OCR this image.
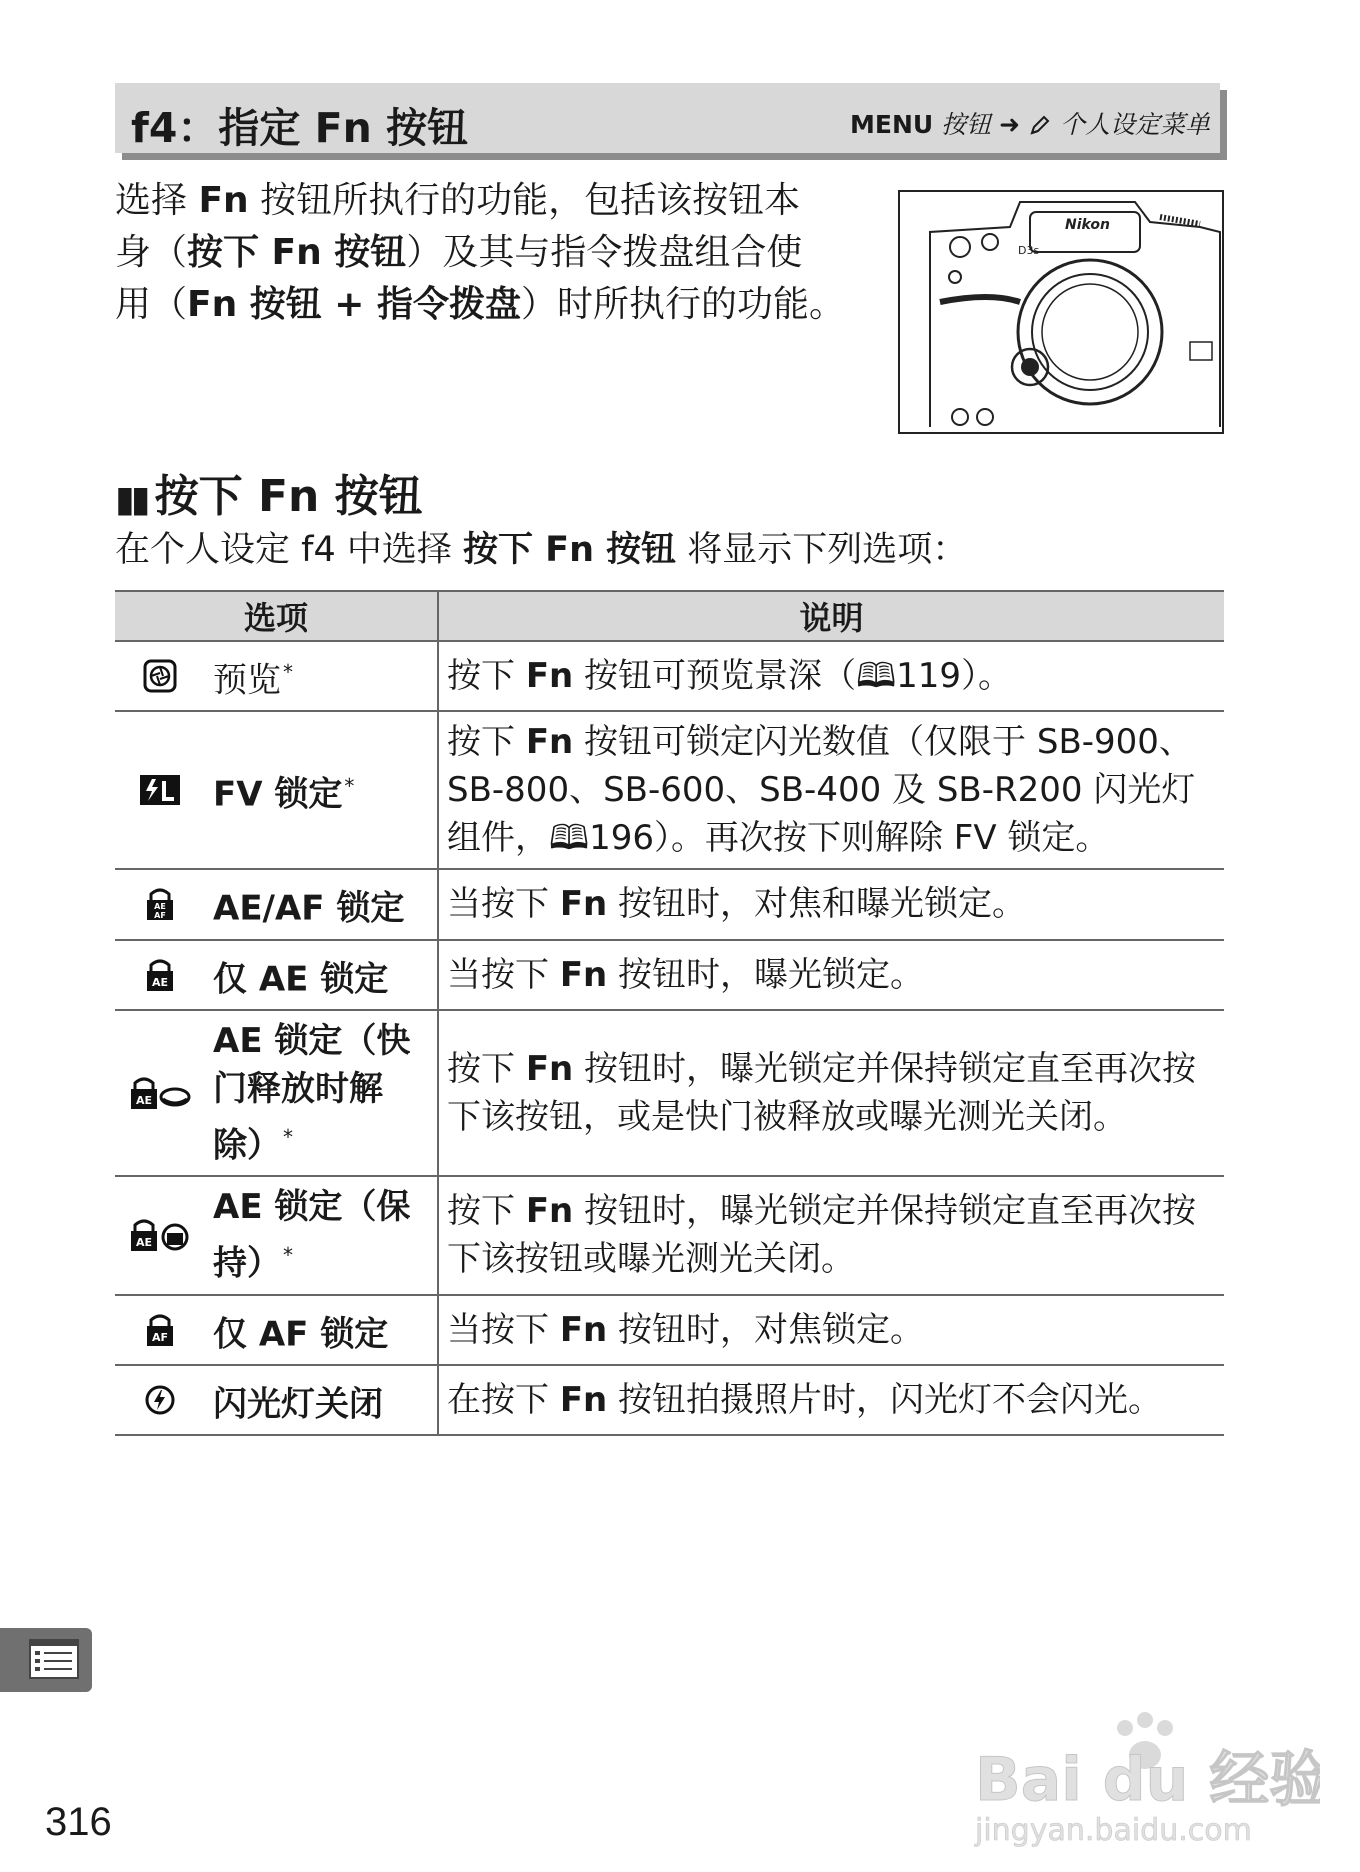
f4：指定 Fn 按钮	MENU 按钮 ➜ 个人设定菜单
选择 Fn 按钮所执行的功能，包括该按钮本
身（按下 Fn 按钮）及其与指令拨盘组合使
用（Fn 按钮 + 指令拨盘）时所执行的功能。
Nikon
D3s
▮▮ 按下 Fn 按钮
在个人设定 f4 中选择 按下 Fn 按钮 将显示下列选项：
选项		说明

	预览 *	按下 Fn 按钮可预览景深（🕮119）。

	FV 锁定 *	按下 Fn 按钮可锁定闪光数值（仅限于 SB-900、SB-800、SB-600、SB-400 及 SB-R200 闪光灯组件，🕮196）。再次按下则解除 FV 锁定。

AE
AF	AE/AF 锁定	当按下 Fn 按钮时，对焦和曝光锁定。

AE	仅 AE 锁定	当按下 Fn 按钮时，曝光锁定。

AE	AE 锁定（快门释放时解除） *	按下 Fn 按钮时，曝光锁定并保持锁定直至再次按下该按钮，或是快门被释放或曝光测光关闭。

AE	AE 锁定（保持） *	按下 Fn 按钮时，曝光锁定并保持锁定直至再次按下该按钮或曝光测光关闭。

AF	仅 AF 锁定	当按下 Fn 按钮时，对焦锁定。

	闪光灯关闭	在按下 Fn 按钮拍摄照片时，闪光灯不会闪光。
316
Bai du 经验
jingyan.baidu.com
